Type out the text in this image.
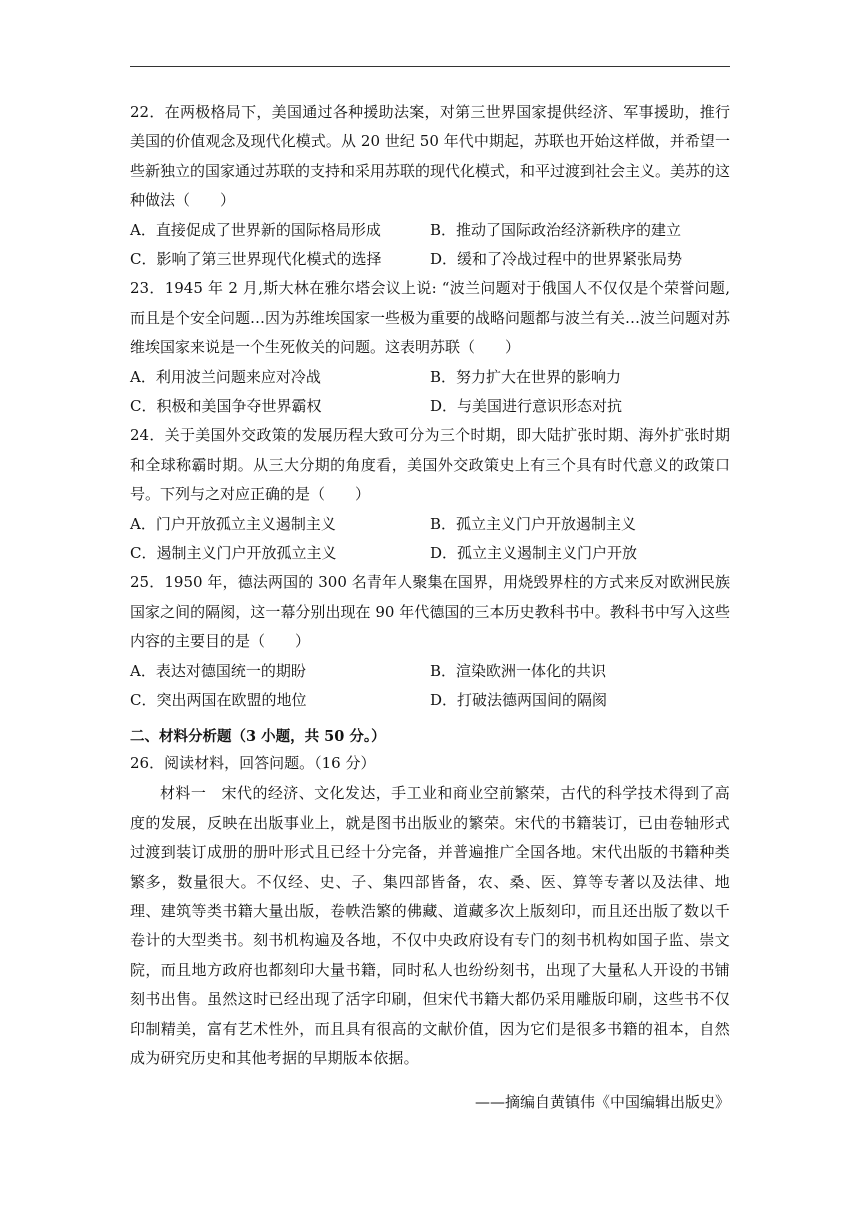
22．在两极格局下，美国通过各种援助法案，对第三世界国家提供经济、军事援助，推行美国的价值观念及现代化模式。从 20 世纪 50 年代中期起，苏联也开始这样做，并希望一些新独立的国家通过苏联的支持和采用苏联的现代化模式，和平过渡到社会主义。美苏的这种做法（　　）

A．直接促成了世界新的国际格局形成	B．推动了国际政治经济新秩序的建立
C．影响了第三世界现代化模式的选择	D．缓和了冷战过程中的世界紧张局势

23．1945 年 2 月,斯大林在雅尔塔会议上说: “波兰问题对于俄国人不仅仅是个荣誉问题,而且是个安全问题…因为苏维埃国家一些极为重要的战略问题都与波兰有关…波兰问题对苏维埃国家来说是一个生死攸关的问题。这表明苏联（　　）

A．利用波兰问题来应对冷战	B．努力扩大在世界的影响力
C．积极和美国争夺世界霸权	D．与美国进行意识形态对抗

24．关于美国外交政策的发展历程大致可分为三个时期，即大陆扩张时期、海外扩张时期和全球称霸时期。从三大分期的角度看，美国外交政策史上有三个具有时代意义的政策口号。下列与之对应正确的是（　　）

A．门户开放孤立主义遏制主义	B．孤立主义门户开放遏制主义
C．遏制主义门户开放孤立主义	D．孤立主义遏制主义门户开放

25．1950 年，德法两国的 300 名青年人聚集在国界，用烧毁界柱的方式来反对欧洲民族国家之间的隔阂，这一幕分别出现在 90 年代德国的三本历史教科书中。教科书中写入这些内容的主要目的是（　　）

A．表达对德国统一的期盼	B．渲染欧洲一体化的共识
C．突出两国在欧盟的地位	D．打破法德两国间的隔阂
二、材料分析题（3 小题，共 50 分。）
26．阅读材料，回答问题。（16 分）

材料一　宋代的经济、文化发达，手工业和商业空前繁荣，古代的科学技术得到了高度的发展，反映在出版事业上，就是图书出版业的繁荣。宋代的书籍装订，已由卷轴形式过渡到装订成册的册叶形式且已经十分完备，并普遍推广全国各地。宋代出版的书籍种类繁多，数量很大。不仅经、史、子、集四部皆备，农、桑、医、算等专著以及法律、地理、建筑等类书籍大量出版，卷帙浩繁的佛藏、道藏多次上版刻印，而且还出版了数以千卷计的大型类书。刻书机构遍及各地，不仅中央政府设有专门的刻书机构如国子监、崇文院，而且地方政府也都刻印大量书籍，同时私人也纷纷刻书，出现了大量私人开设的书铺刻书出售。虽然这时已经出现了活字印刷，但宋代书籍大都仍采用雕版印刷，这些书不仅印制精美，富有艺术性外，而且具有很高的文献价值，因为它们是很多书籍的祖本，自然成为研究历史和其他考据的早期版本依据。

——摘编自黄镇伟《中国编辑出版史》
